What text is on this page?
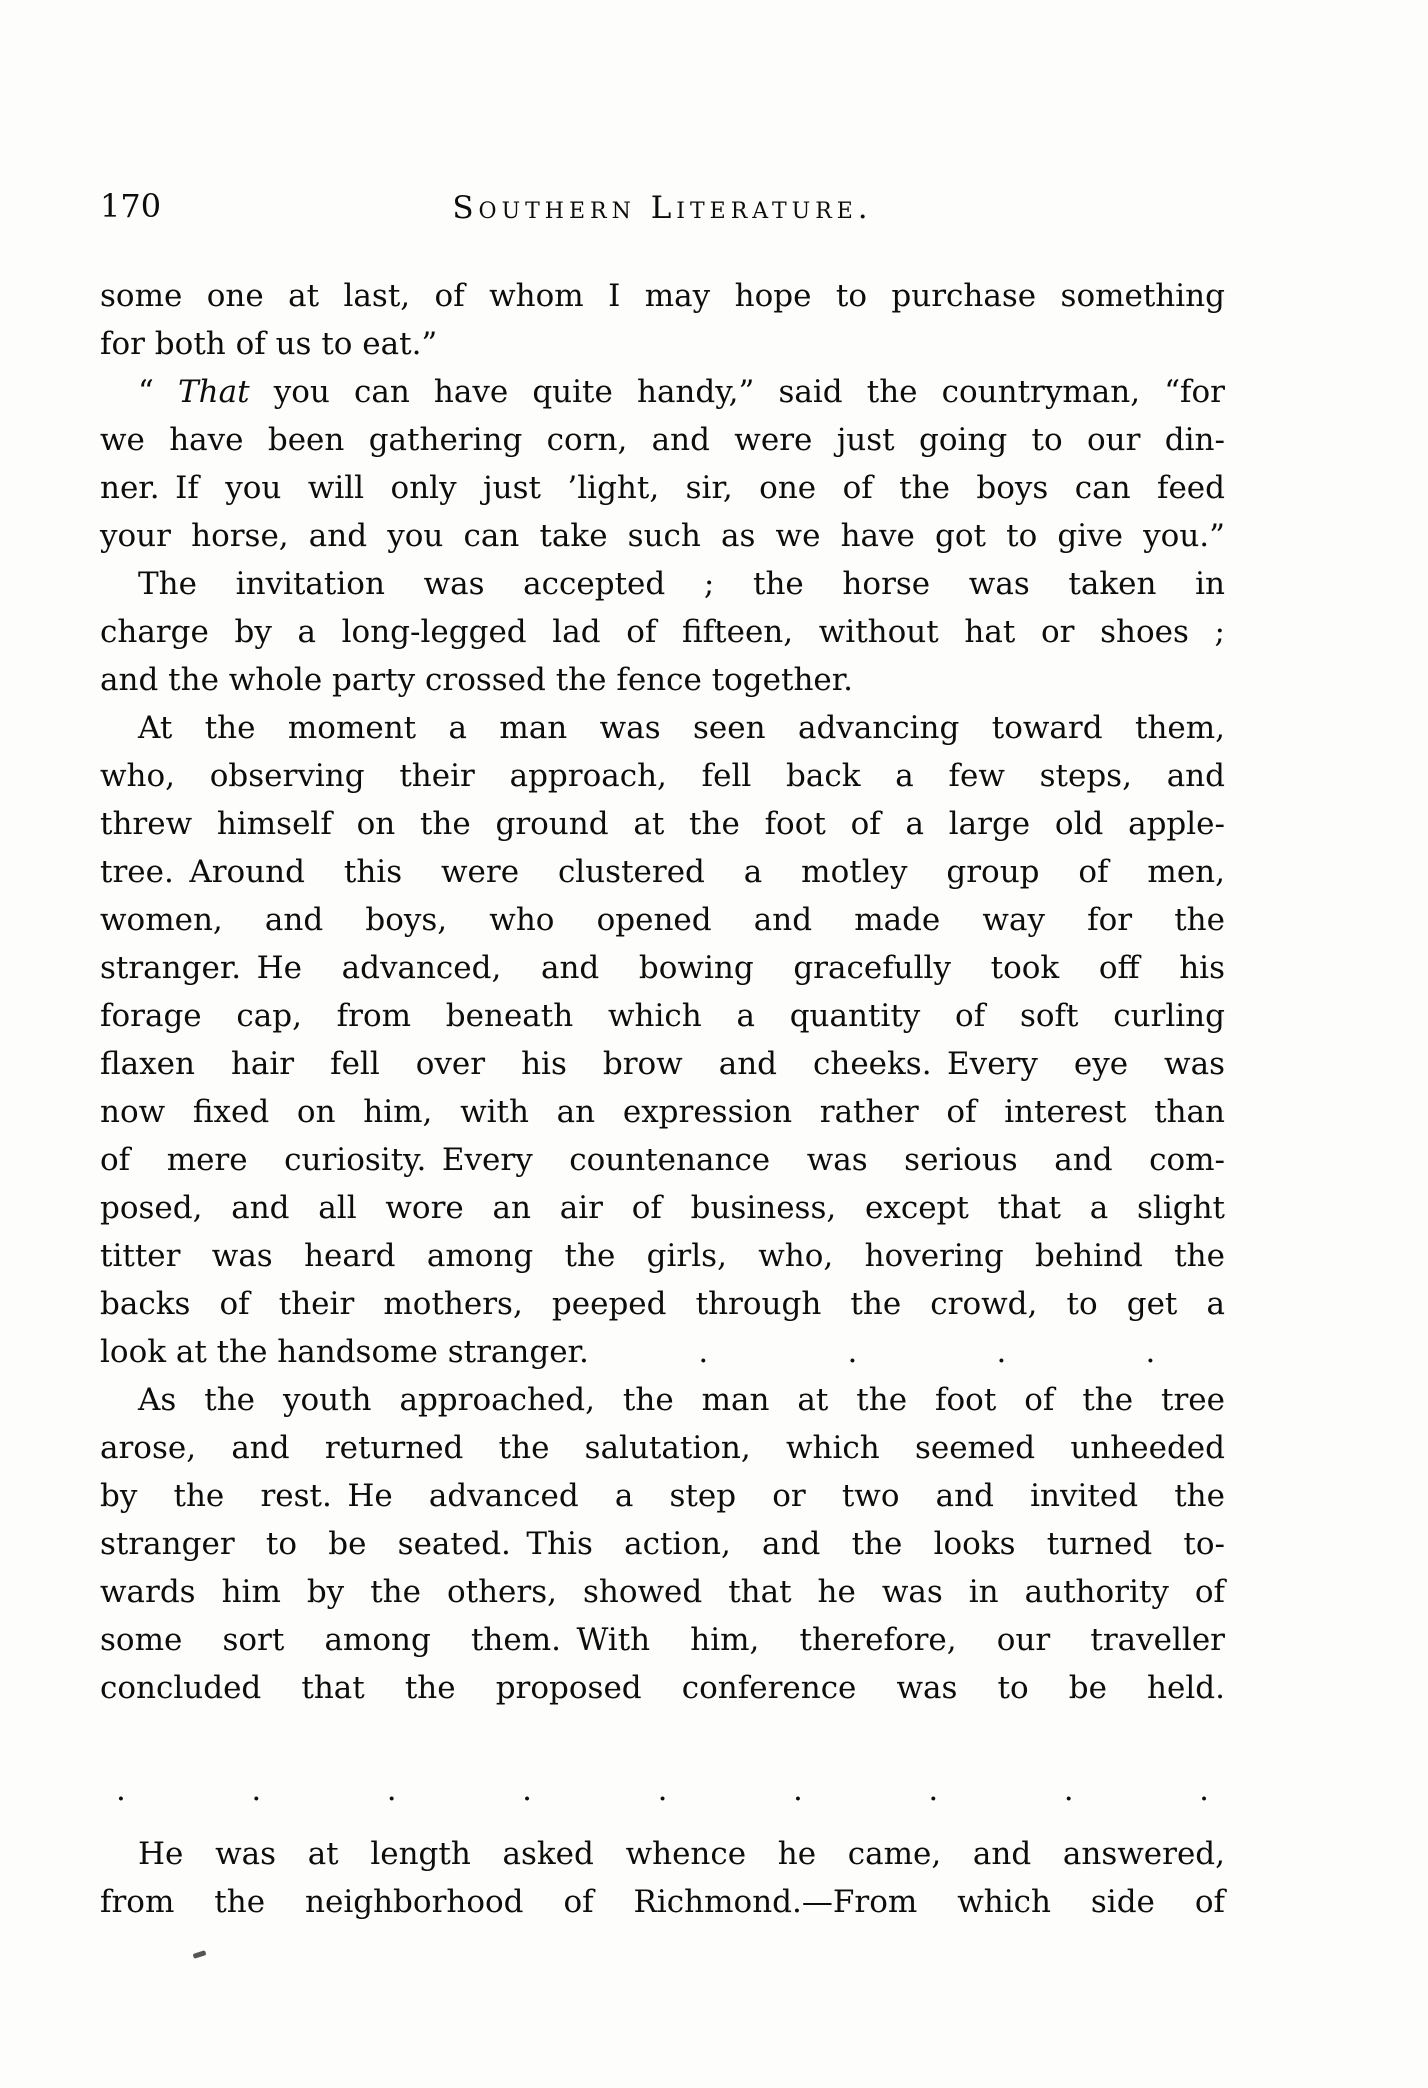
170	Southern Literature.
some one at last, of whom I may hope to purchase something
for both of us to eat.”
“ That you can have quite handy,” said the countryman, “for
we have been gathering corn, and were just going to our din-
ner. If you will only just ’light, sir, one of the boys can feed
your horse, and you can take such as we have got to give you.”
The invitation was accepted ; the horse was taken in
charge by a long-legged lad of fifteen, without hat or shoes ;
and the whole party crossed the fence together.
At the moment a man was seen advancing toward them,
who, observing their approach, fell back a few steps, and
threw himself on the ground at the foot of a large old apple-
tree. Around this were clustered a motley group of men,
women, and boys, who opened and made way for the
stranger. He advanced, and bowing gracefully took off his
forage cap, from beneath which a quantity of soft curling
flaxen hair fell over his brow and cheeks. Every eye was
now fixed on him, with an expression rather of interest than
of mere curiosity. Every countenance was serious and com-
posed, and all wore an air of business, except that a slight
titter was heard among the girls, who, hovering behind the
backs of their mothers, peeped through the crowd, to get a
look at the handsome stranger.	.	.	.	.
As the youth approached, the man at the foot of the tree
arose, and returned the salutation, which seemed unheeded
by the rest. He advanced a step or two and invited the
stranger to be seated. This action, and the looks turned to-
wards him by the others, showed that he was in authority of
some sort among them. With him, therefore, our traveller
concluded that the proposed conference was to be held.
.	.	.	.	.	.	.	.	.
He was at length asked whence he came, and answered,
from the neighborhood of Richmond.—From which side of
